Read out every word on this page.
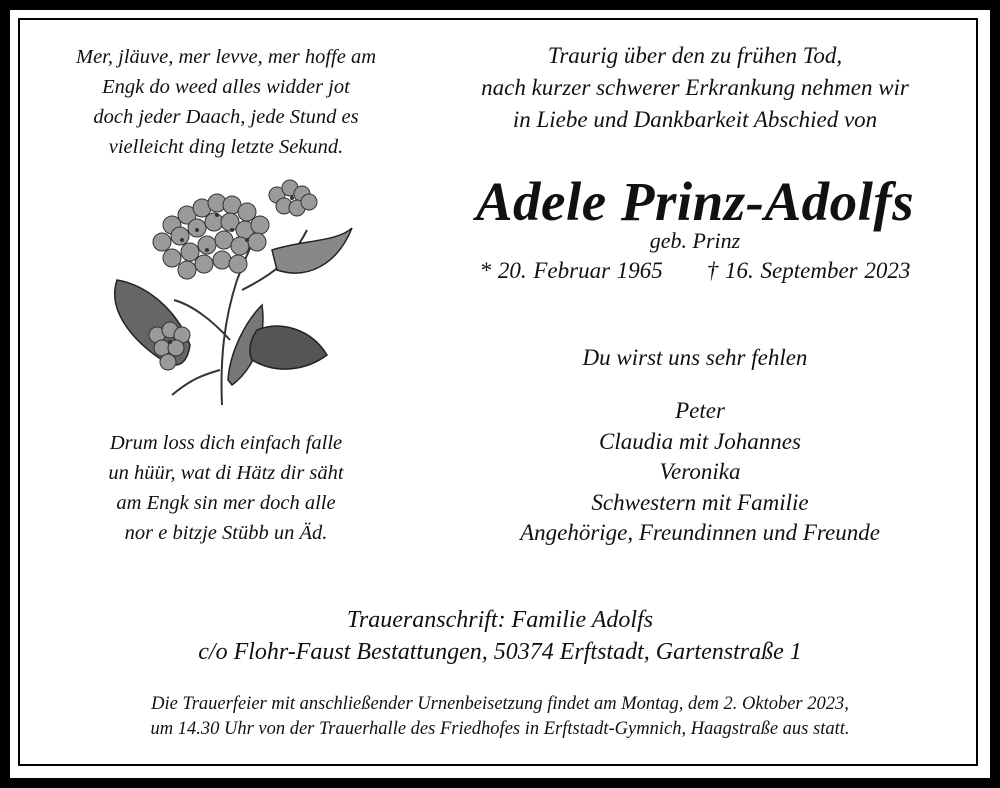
Mer, jläuve, mer levve, mer hoffe am
Engk do weed alles widder jot
doch jeder Daach, jede Stund es
vielleicht ding letzte Sekund.
Drum loss dich einfach falle
un hüür, wat di Hätz dir säht
am Engk sin mer doch alle
nor e bitzje Stübb un Äd.
Traurig über den zu frühen Tod,
nach kurzer schwerer Erkrankung nehmen wir
in Liebe und Dankbarkeit Abschied von
Adele Prinz-Adolfs
geb. Prinz
* 20. Februar 1965 † 16. September 2023
Du wirst uns sehr fehlen
Peter
Claudia mit Johannes
Veronika
Schwestern mit Familie
Angehörige, Freundinnen und Freunde
Traueranschrift: Familie Adolfs
c/o Flohr-Faust Bestattungen, 50374 Erftstadt, Gartenstraße 1
Die Trauerfeier mit anschließender Urnenbeisetzung findet am Montag, dem 2. Oktober 2023,
um 14.30 Uhr von der Trauerhalle des Friedhofes in Erftstadt-Gymnich, Haagstraße aus statt.
